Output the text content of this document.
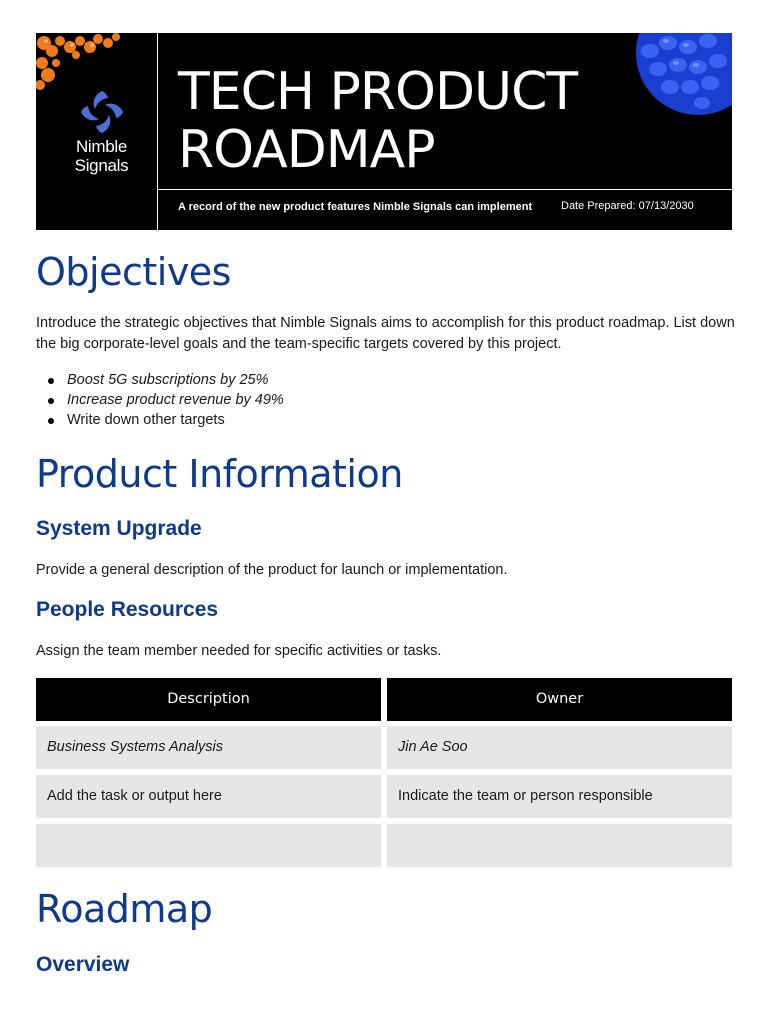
Nimble
Signals
TECH PRODUCT
ROADMAP
A record of the new product features Nimble Signals can implement	Date Prepared: 07/13/2030
Objectives

Introduce the strategic objectives that Nimble Signals aims to accomplish for this product roadmap. List down the big corporate-level goals and the team-specific targets covered by this project.

Boost 5G subscriptions by 25%
Increase product revenue by 49%
Write down other targets
Product Information
System Upgrade

Provide a general description of the product for launch or implementation.

People Resources

Assign the team member needed for specific activities or tasks.

Description	Owner
Business Systems Analysis	Jin Ae Soo
Add the task or output here	Indicate the team or person responsible
Roadmap
Overview
